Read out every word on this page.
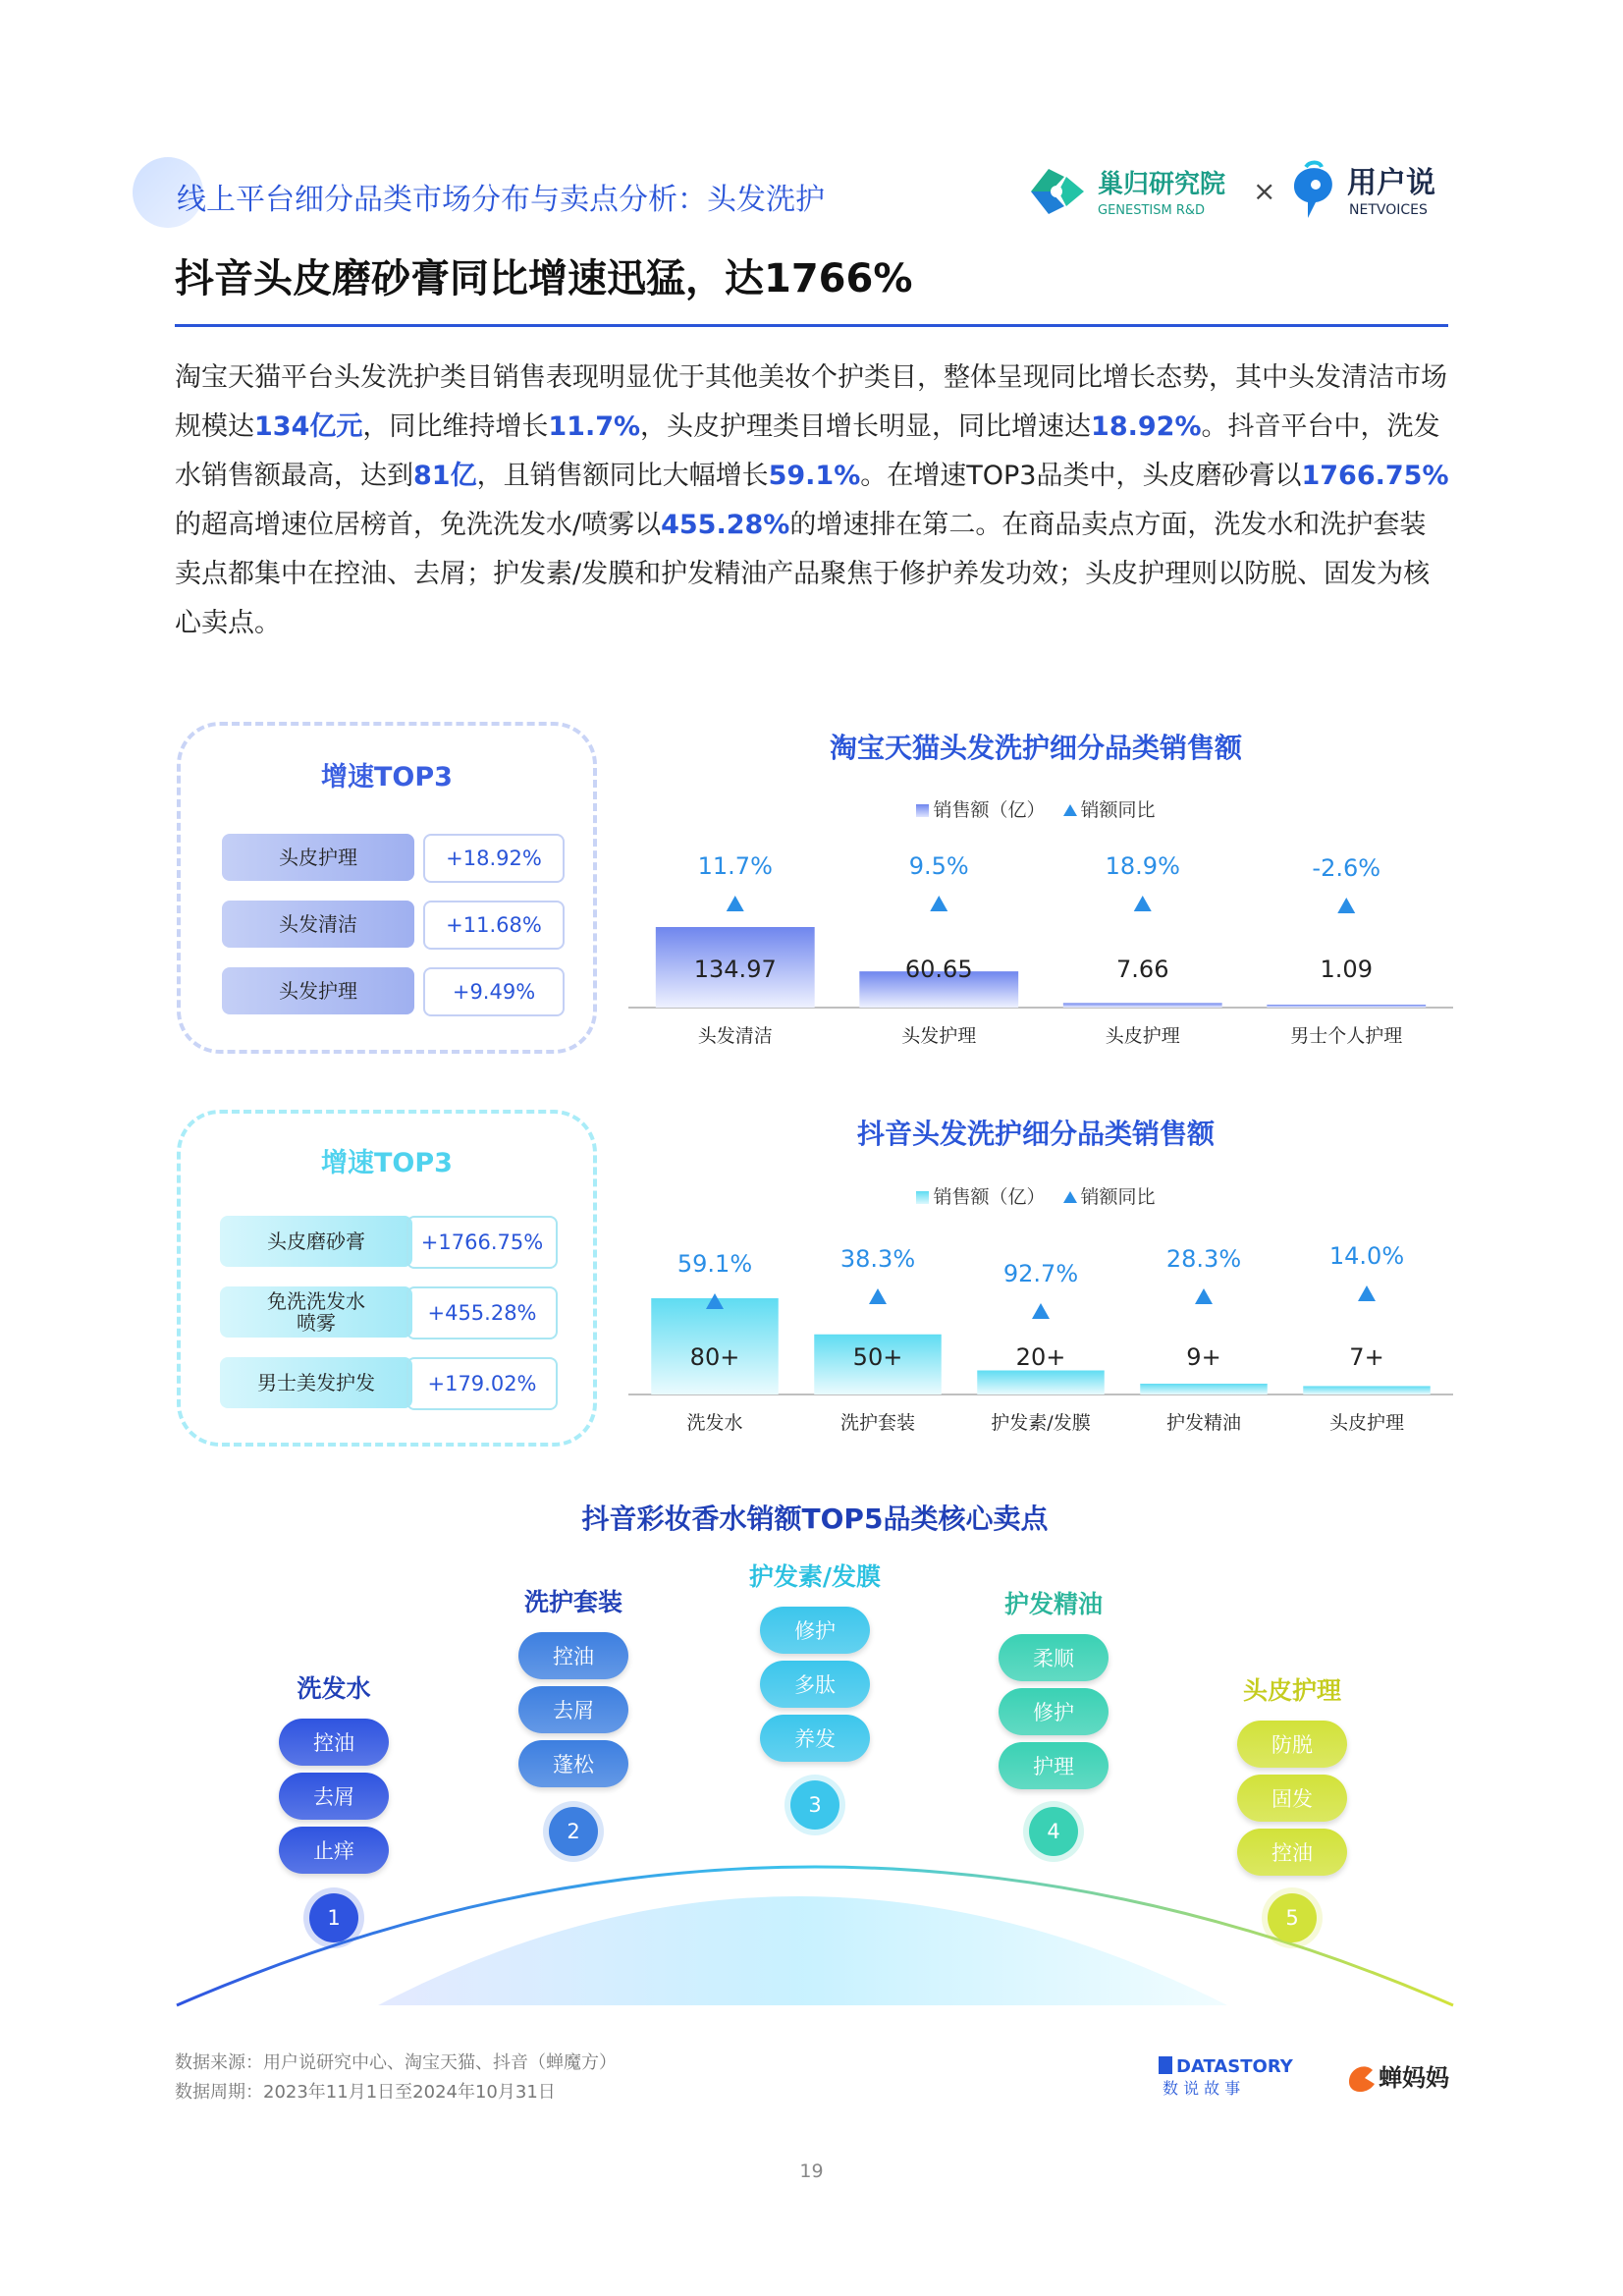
线上平台细分品类市场分布与卖点分析：头发洗护	巢归研究院
GENESTISM R&D
× 用户说
NETVOICES
抖音头皮磨砂膏同比增速迅猛，达1766%
淘宝天猫平台头发洗护类目销售表现明显优于其他美妆个护类目，整体呈现同比增长态势，其中头发清洁市场规模达134亿元，同比维持增长11.7%，头皮护理类目增长明显，同比增速达18.92%。抖音平台中，洗发水销售额最高，达到81亿，且销售额同比大幅增长59.1%。在增速TOP3品类中，头皮磨砂膏以1766.75%的超高增速位居榜首，免洗洗发水/喷雾以455.28%的增速排在第二。在商品卖点方面，洗发水和洗护套装卖点都集中在控油、去屑；护发素/发膜和护发精油产品聚焦于修护养发功效；头皮护理则以防脱、固发为核心卖点。
增速TOP3
头皮护理	+18.92%
头发清洁	+11.68%
头发护理	+9.49%
增速TOP3
头皮磨砂膏	+1766.75%
免洗洗发水
喷雾	+455.28%
男士美发护发	+179.02%
淘宝天猫头发洗护细分品类销售额
销售额（亿） 销额同比
134.97
11.7%
头发清洁
60.65
9.5%
头发护理
7.66
18.9%
头皮护理
1.09
-2.6%
男士个人护理
抖音头发洗护细分品类销售额
销售额（亿） 销额同比
80+
59.1%
洗发水
50+
38.3%
洗护套装
20+
92.7%
护发素/发膜
9+
28.3%
护发精油
7+
14.0%
头皮护理
抖音彩妆香水销额TOP5品类核心卖点
洗发水
控油
去屑
止痒
1
洗护套装
控油
去屑
蓬松
2
护发素/发膜
修护
多肽
养发
3
护发精油
柔顺
修护
护理
4
头皮护理
防脱
固发
控油
5
数据来源：用户说研究中心、淘宝天猫、抖音（蝉魔方）
数据周期：2023年11月1日至2024年10月31日
DATASTORY
数 说 故 事	蝉妈妈
19
